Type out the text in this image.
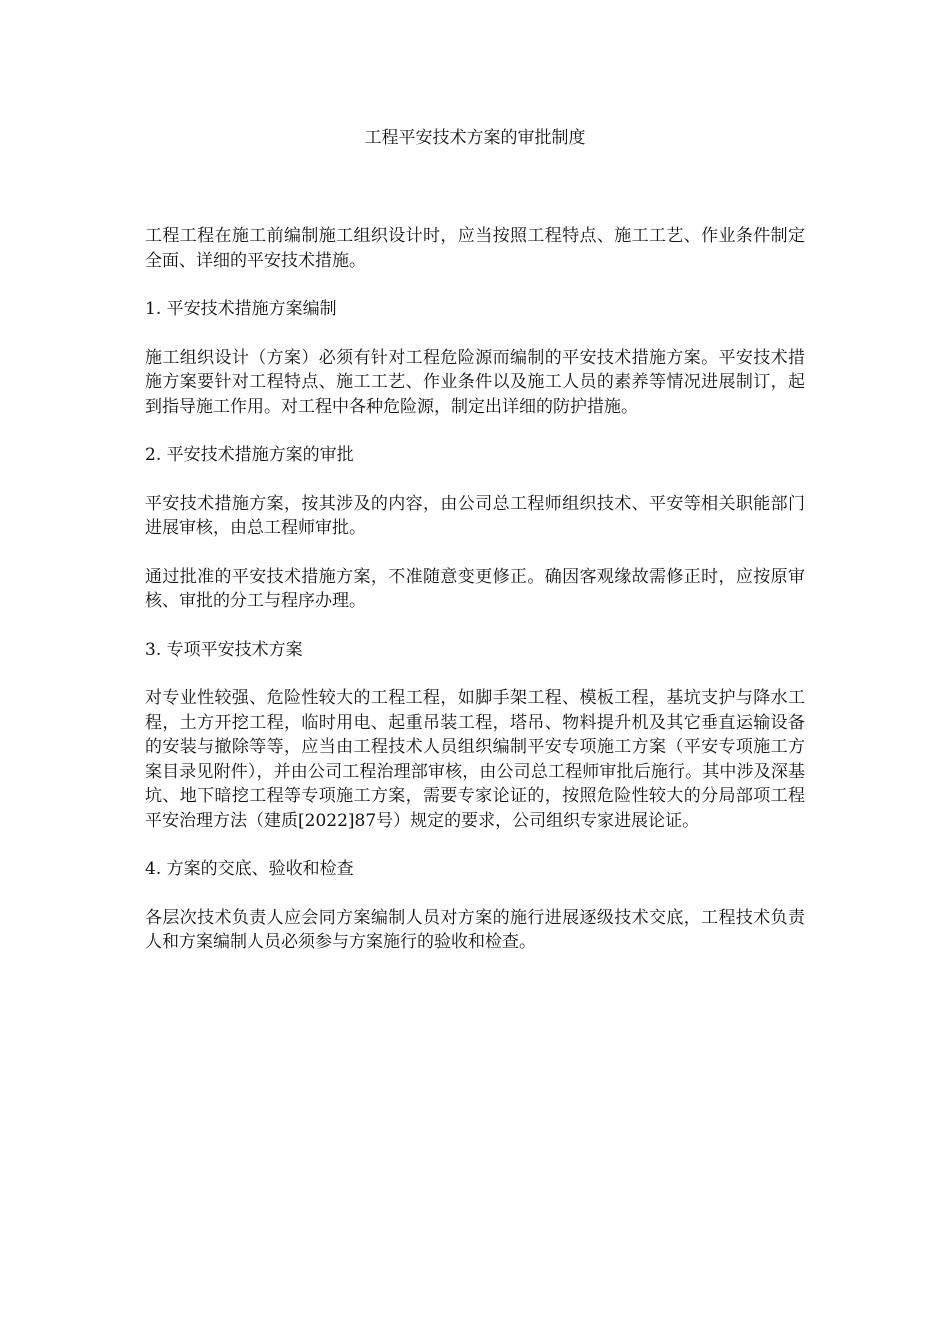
工程平安技术方案的审批制度

工程工程在施工前编制施工组织设计时，应当按照工程特点、施工工艺、作业条件制定全面、详细的平安技术措施。

1. 平安技术措施方案编制

施工组织设计（方案）必须有针对工程危险源而编制的平安技术措施方案。平安技术措施方案要针对工程特点、施工工艺、作业条件以及施工人员的素养等情况进展制订，起到指导施工作用。对工程中各种危险源，制定出详细的防护措施。

2. 平安技术措施方案的审批

平安技术措施方案，按其涉及的内容，由公司总工程师组织技术、平安等相关职能部门进展审核，由总工程师审批。

通过批准的平安技术措施方案，不准随意变更修正。确因客观缘故需修正时，应按原审核、审批的分工与程序办理。

3. 专项平安技术方案

对专业性较强、危险性较大的工程工程，如脚手架工程、模板工程，基坑支护与降水工程，土方开挖工程，临时用电、起重吊装工程，塔吊、物料提升机及其它垂直运输设备的安装与撤除等等，应当由工程技术人员组织编制平安专项施工方案（平安专项施工方案目录见附件），并由公司工程治理部审核，由公司总工程师审批后施行。其中涉及深基坑、地下暗挖工程等专项施工方案，需要专家论证的，按照危险性较大的分局部项工程平安治理方法（建质[2022]87号）规定的要求，公司组织专家进展论证。

4. 方案的交底、验收和检查

各层次技术负责人应会同方案编制人员对方案的施行进展逐级技术交底，工程技术负责人和方案编制人员必须参与方案施行的验收和检查。
